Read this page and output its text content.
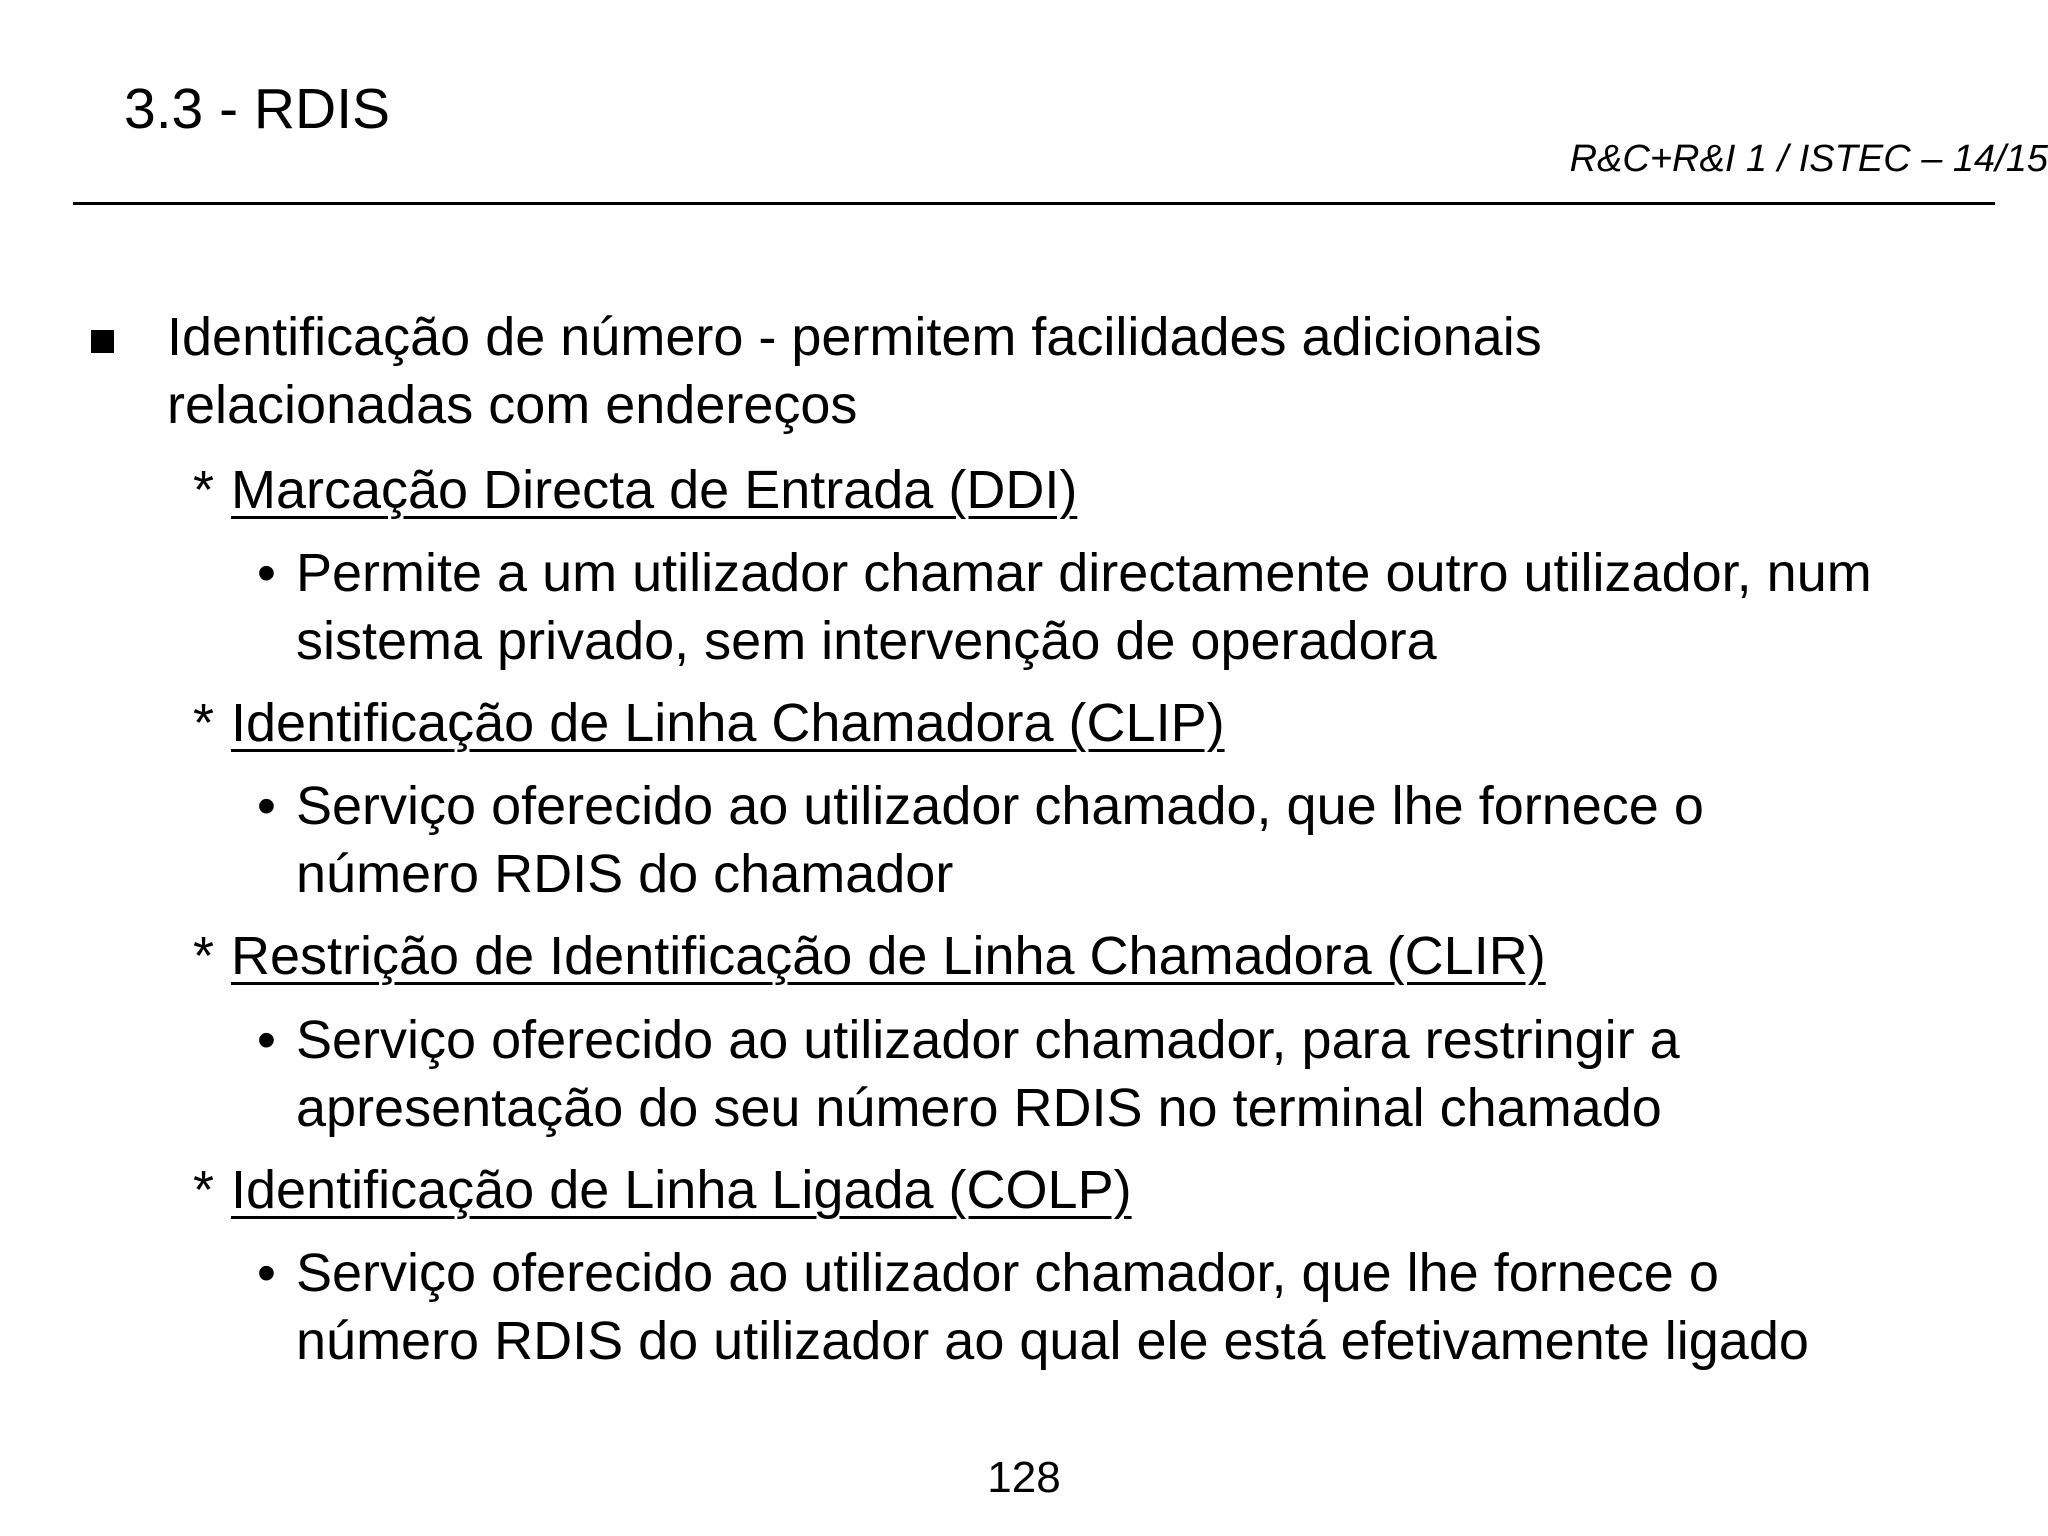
3.3 - RDIS
R&C+R&I 1 / ISTEC – 14/15
Identificação de número - permitem facilidades adicionais
relacionadas com endereços
* Marcação Directa de Entrada (DDI)
• Permite a um utilizador chamar directamente outro utilizador, num
sistema privado, sem intervenção de operadora
* Identificação de Linha Chamadora (CLIP)
• Serviço oferecido ao utilizador chamado, que lhe fornece o
número RDIS do chamador
* Restrição de Identificação de Linha Chamadora (CLIR)
• Serviço oferecido ao utilizador chamador, para restringir a
apresentação do seu número RDIS no terminal chamado
* Identificação de Linha Ligada (COLP)
• Serviço oferecido ao utilizador chamador, que lhe fornece o
número RDIS do utilizador ao qual ele está efetivamente ligado
128
